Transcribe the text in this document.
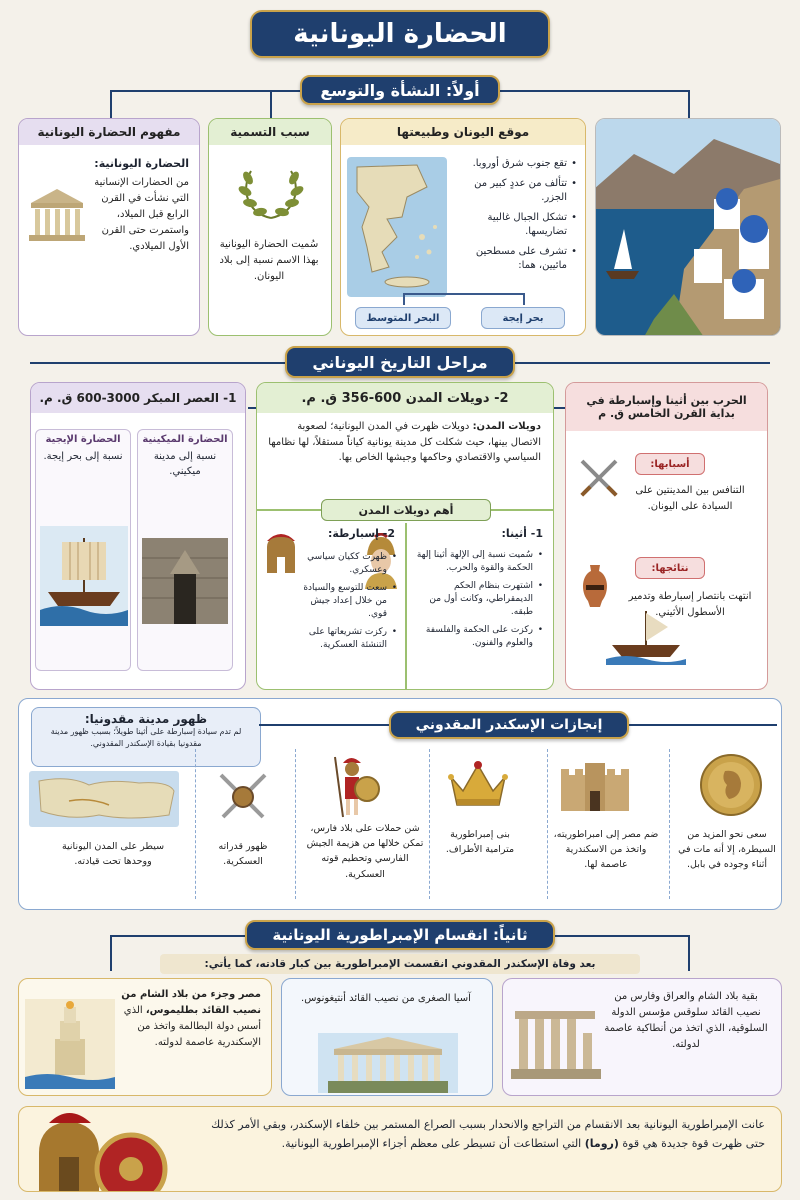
الحضارة اليونانية
أولاً: النشأة والتوسع
موقع اليونان وطبيعتها
• تقع جنوب شرق أوروبا.
• تتألف من عددٍ كبير من الجزر.
• تشكل الجبال غالبية تضاريسها.
• تشرف على مسطحين مائيين، هما:
بحر إيجة
البحر المتوسط
سبب التسمية
سُميت الحضارة اليونانية بهذا الاسم نسبة إلى بلاد اليونان.
مفهوم الحضارة اليونانية
الحضارة اليونانية:
من الحضارات الإنسانية التي نشأت في القرن الرابع قبل الميلاد، واستمرت حتى القرن الأول الميلادي.
مراحل التاريخ اليوناني
الحرب بين أثينا وإسبارطة في بداية القرن الخامس ق. م
أسبابها:
التنافس بين المدينتين على السيادة على اليونان.
نتائجها:
انتهت بانتصار إسبارطة وتدمير الأسطول الأثيني.
2- دويلات المدن 600-356 ق. م.
دويلات المدن: دويلات ظهرت في المدن اليونانية؛ لصعوبة الاتصال بينها، حيث شكلت كل مدينة يونانية كياناً مستقلاً، لها نظامها السياسي والاقتصادي وحاكمها وجيشها الخاص بها.
أهم دويلات المدن
1- أثينا:
• سُميت نسبة إلى الإلهة أثينا إلهة الحكمة والقوة والحرب.
• اشتهرت بنظام الحكم الديمقراطي، وكانت أول من طبقه.
• ركزت على الحكمة والفلسفة والعلوم والفنون.
2- إسبارطة:
• ظهرت ككيان سياسي وعسكري.
• سعت للتوسع والسيادة من خلال إعداد جيش قوي.
• ركزت تشريعاتها على التنشئة العسكرية.
1- العصر المبكر 3000-600 ق. م.
الحضارة الميكينية
نسبة إلى مدينة ميكيني.
الحضارة الإيجية
نسبة إلى بحر إيجة.
ظهور مدينة مقدونيا:
لم تدم سيادة إسبارطة على أثينا طويلاً؛ بسبب ظهور مدينة مقدونيا بقيادة الإسكندر المقدوني.
إنجازات الإسكندر المقدوني
سعى نحو المزيد من السيطرة، إلا أنه مات في أثناء وجوده في بابل.
ضم مصر إلى امبراطوريته، واتخذ من الاسكندرية عاصمة لها.
بنى إمبراطورية مترامية الأطراف.
شن حملات على بلاد فارس، تمكن خلالها من هزيمة الجيش الفارسي وتحطيم قوته العسكرية.
ظهور قدراته العسكرية.
سيطر على المدن اليونانية ووحدها تحت قيادته.
ثانياً: انقسام الإمبراطورية اليونانية
بعد وفاة الإسكندر المقدوني انقسمت الإمبراطورية بين كبار قادته، كما يأتي:
بقية بلاد الشام والعراق وفارس من نصيب القائد سلوقس مؤسس الدولة السلوقية، الذي اتخذ من أنطاكية عاصمة لدولته.
آسيا الصغرى من نصيب القائد أنتيغونوس.
مصر وجزء من بلاد الشام من نصيب القائد بطليموس، الذي أسس دولة البطالمة واتخذ من الإسكندرية عاصمة لدولته.
عانت الإمبراطورية اليونانية بعد الانقسام من التراجع والانحدار بسبب الصراع المستمر بين خلفاء الإسكندر، وبقي الأمر كذلك حتى ظهرت قوة جديدة هي قوة (روما) التي استطاعت أن تسيطر على معظم أجزاء الإمبراطورية اليونانية.
